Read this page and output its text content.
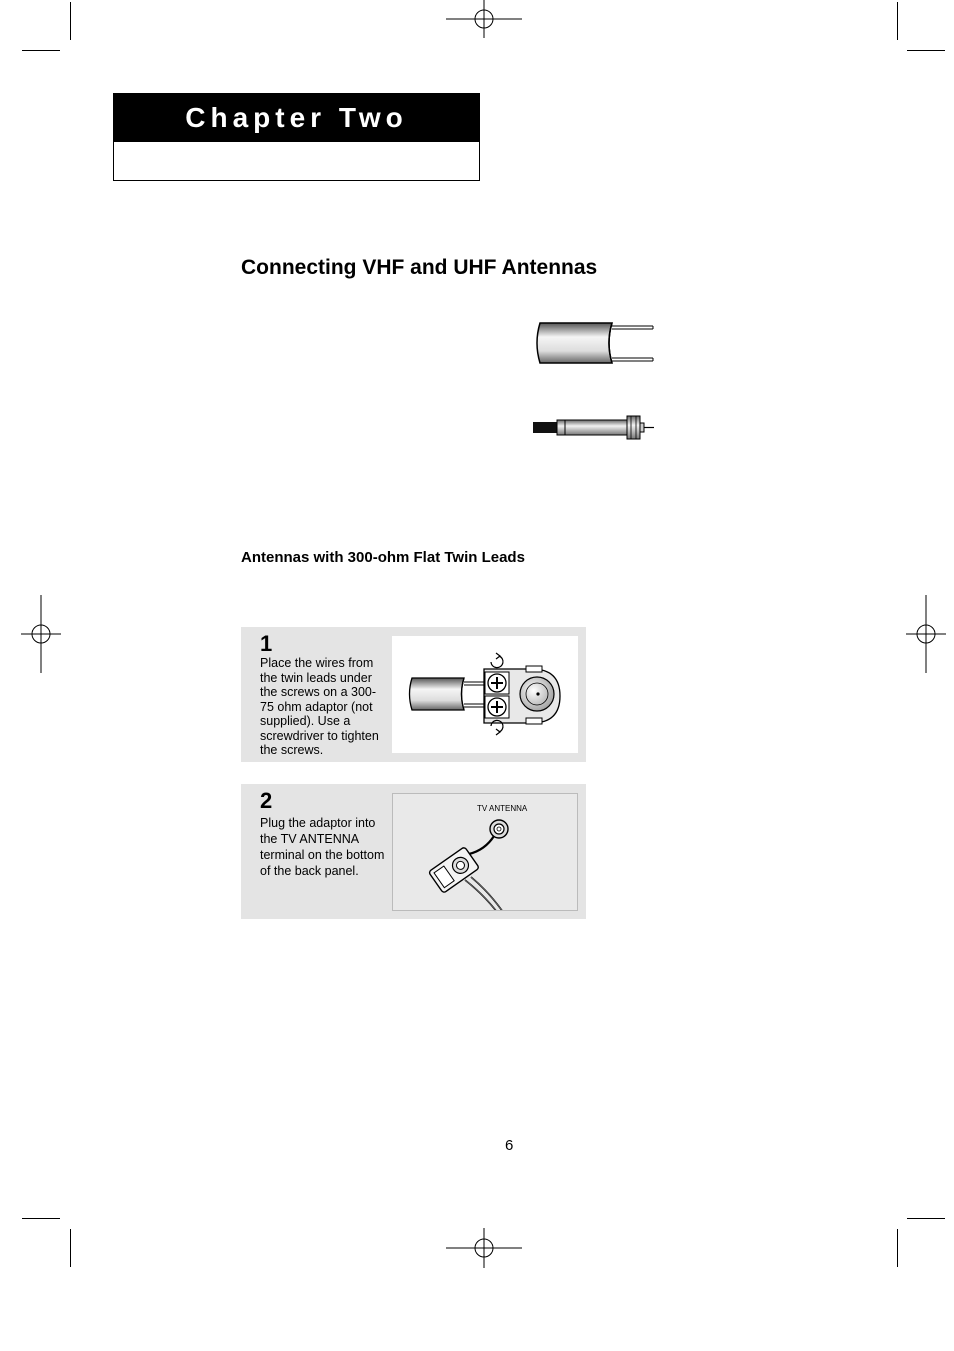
Chapter Two
Connecting VHF and UHF Antennas
Antennas with 300-ohm Flat Twin Leads
1
Place the wires from the twin leads under the screws on a 300-75 ohm adaptor (not supplied). Use a screwdriver to tighten the screws.
2
Plug the adaptor into the TV ANTENNA terminal on the bottom of the back panel.
TV ANTENNA
6
